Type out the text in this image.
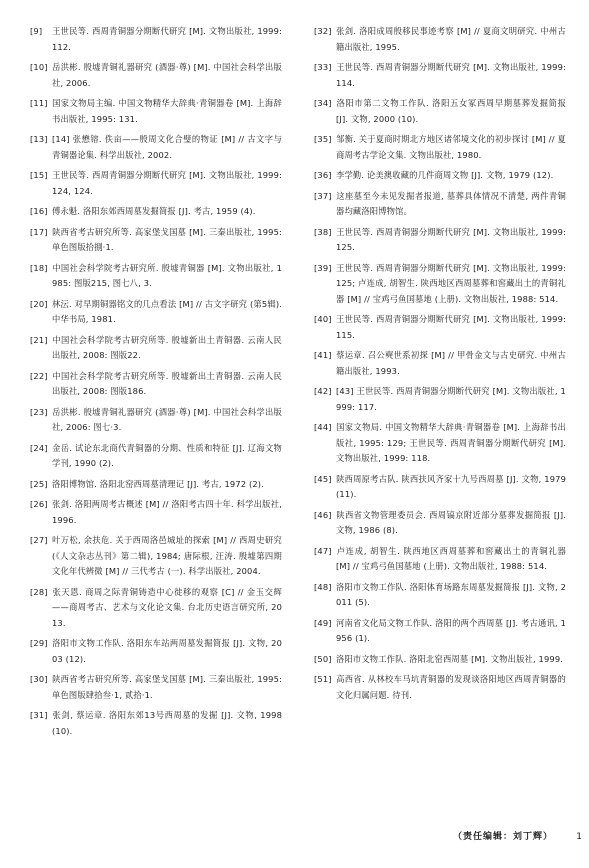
[9] 王世民等. 西周青铜器分期断代研究 [M]. 文物出版社, 1999: 112.

[10] 岳洪彬. 殷墟青铜礼器研究 (酒器·尊) [M]. 中国社会科学出版社, 2006.

[11] 国家文物局主编. 中国文物精华大辞典·青铜器卷 [M]. 上海辞书出版社, 1995: 131.

[13] [14] 张懋镕. 佚亩——殷周文化合璧的物证 [M] // 古文字与青铜器论集. 科学出版社, 2002.

[15] 王世民等. 西周青铜器分期断代研究 [M]. 文物出版社, 1999: 124, 124.

[16] 傅永魁. 洛阳东郊西周墓发掘简报 [J]. 考古, 1959 (4).

[17] 陕西省考古研究所等. 高家堡戈国墓 [M]. 三秦出版社, 1995: 单色图版拾捌·1.

[18] 中国社会科学院考古研究所. 殷墟青铜器 [M]. 文物出版社, 1985: 图版215, 图七八, 3.

[20] 林沄. 对早期铜器铭文的几点看法 [M] // 古文字研究 (第5辑). 中华书局, 1981.

[21] 中国社会科学院考古研究所等. 殷墟新出土青铜器. 云南人民出版社, 2008: 图版22.

[22] 中国社会科学院考古研究所等. 殷墟新出土青铜器. 云南人民出版社, 2008: 图版186.

[23] 岳洪彬. 殷墟青铜礼器研究 (酒器·尊) [M]. 中国社会科学出版社, 2006: 图七·3.

[24] 金岳. 试论东北商代青铜器的分期、性质和特征 [J]. 辽海文物学刊, 1990 (2).

[25] 洛阳博物馆. 洛阳北窑西周墓清理记 [J]. 考古, 1972 (2).

[26] 张剑. 洛阳两周考古概述 [M] // 洛阳考古四十年. 科学出版社, 1996.

[27] 叶万松, 余扶危. 关于西周洛邑城址的探索 [M] // 西周史研究 (《人文杂志丛刊》第二辑), 1984; 唐际根, 汪涛. 殷墟第四期文化年代辨微 [M] // 三代考古 (一). 科学出版社, 2004.

[28] 张天恩. 商周之际青铜铸造中心徙移的观察 [C] // 金玉交辉——商周考古、艺术与文化论文集. 台北历史语言研究所, 2013.

[29] 洛阳市文物工作队. 洛阳东车站两周墓发掘简报 [J]. 文物, 2003 (12).

[30] 陕西省考古研究所等. 高家堡戈国墓 [M]. 三秦出版社, 1995: 单色图版肆拾叁·1, 贰拾·1.

[31] 张剑, 蔡运章. 洛阳东郊13号西周墓的发掘 [J]. 文物, 1998 (10).

[32] 张剑. 洛阳成周殷移民事迹考察 [M] // 夏商文明研究. 中州古籍出版社, 1995.

[33] 王世民等. 西周青铜器分期断代研究 [M]. 文物出版社, 1999: 114.

[34] 洛阳市第二文物工作队. 洛阳五女冢西周早期墓葬发掘简报 [J]. 文物, 2000 (10).

[35] 邹衡. 关于夏商时期北方地区诸邻境文化的初步探讨 [M] // 夏商周考古学论文集. 文物出版社, 1980.

[36] 李学勤. 论美澳收藏的几件商周文物 [J]. 文物, 1979 (12).

[37] 这座墓至今未见发掘者报道, 墓葬具体情况不清楚, 两件青铜器均藏洛阳博物馆。

[38] 王世民等. 西周青铜器分期断代研究 [M]. 文物出版社, 1999: 125.

[39] 王世民等. 西周青铜器分期断代研究 [M]. 文物出版社, 1999: 125; 卢连成, 胡智生. 陕西地区西周墓葬和窖藏出土的青铜礼器 [M] // 宝鸡弓鱼国墓地 (上册). 文物出版社, 1988: 514.

[40] 王世民等. 西周青铜器分期断代研究 [M]. 文物出版社, 1999: 115.

[41] 蔡运章. 召公奭世系初探 [M] // 甲骨金文与古史研究. 中州古籍出版社, 1993.

[42] [43] 王世民等. 西周青铜器分期断代研究 [M]. 文物出版社, 1999: 117.

[44] 国家文物局. 中国文物精华大辞典·青铜器卷 [M]. 上海辞书出版社, 1995: 129; 王世民等. 西周青铜器分期断代研究 [M]. 文物出版社, 1999: 118.

[45] 陕西周原考古队. 陕西扶风齐家十九号西周墓 [J]. 文物, 1979 (11).

[46] 陕西省文物管理委员会. 西周镐京附近部分墓葬发掘简报 [J]. 文物, 1986 (8).

[47] 卢连成, 胡智生. 陕西地区西周墓葬和窖藏出土的青铜礼器 [M] // 宝鸡弓鱼国墓地 (上册). 文物出版社, 1988: 514.

[48] 洛阳市文物工作队. 洛阳体育场路东周墓发掘简报 [J]. 文物, 2011 (5).

[49] 河南省文化局文物工作队. 洛阳的两个西周墓 [J]. 考古通讯, 1956 (1).

[50] 洛阳市文物工作队. 洛阳北窑西周墓 [M]. 文物出版社, 1999.

[51] 高西省. 从林校车马坑青铜器的发现谈洛阳地区西周青铜器的文化归属问题. 待刊.

（责任编辑：刘丁辉）	1
